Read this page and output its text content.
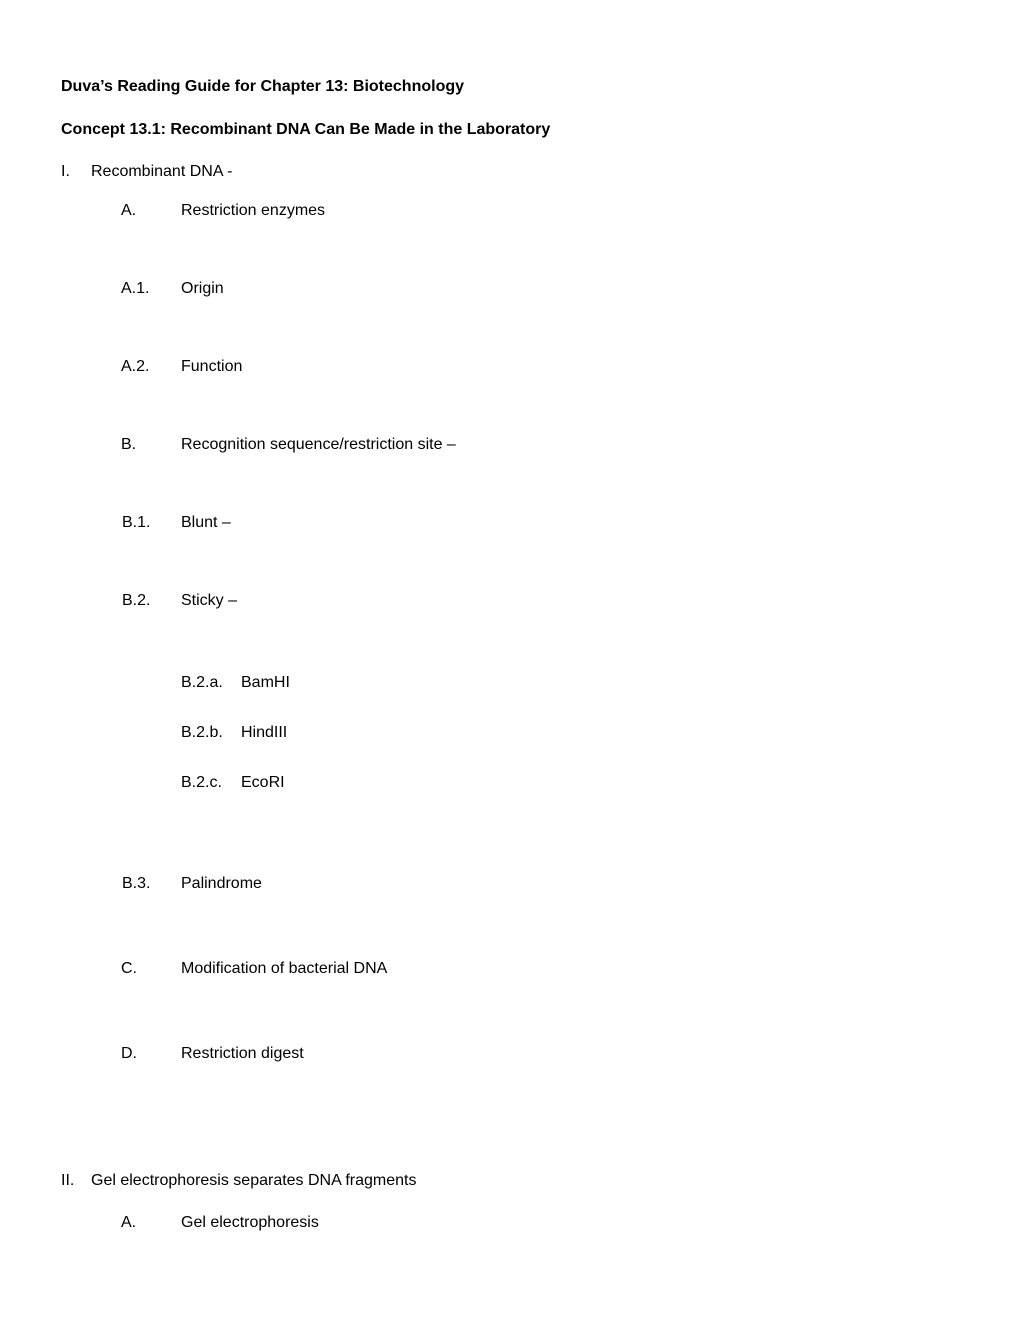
Duva’s Reading Guide for Chapter 13: Biotechnology
Concept 13.1: Recombinant DNA Can Be Made in the Laboratory
I. Recombinant DNA -
A.	Restriction enzymes
A.1. Origin
A.2. Function
B.	Recognition sequence/restriction site –
B.1. Blunt –
B.2. Sticky –
B.2.a. BamHI
B.2.b. HindIII
B.2.c. EcoRI
B.3. Palindrome
C.	Modification of bacterial DNA
D.	Restriction digest
II. Gel electrophoresis separates DNA fragments
A.	Gel electrophoresis
